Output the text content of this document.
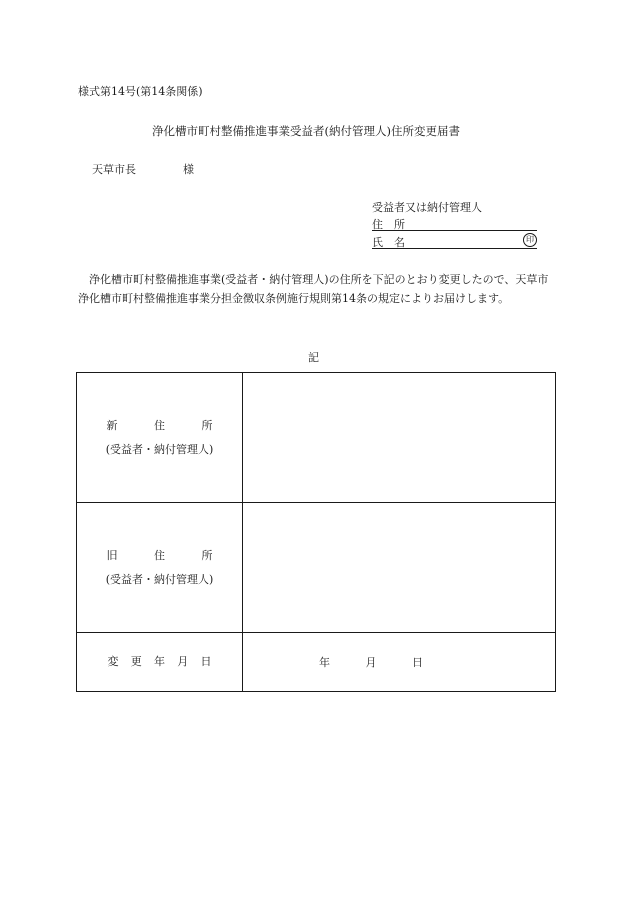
様式第14号(第14条関係)
浄化槽市町村整備推進事業受益者(納付管理人)住所変更届書
天草市長	様
受益者又は納付管理人
住　所
氏　名	印
浄化槽市町村整備推進事業(受益者・納付管理人)の住所を下記のとおり変更したので、天草市浄化槽市町村整備推進事業分担金徴収条例施行規則第14条の規定によりお届けします。
記
新 住 所
(受益者・納付管理人)	

旧 住 所
(受益者・納付管理人)	

変 更 年 月 日	年 月 日
